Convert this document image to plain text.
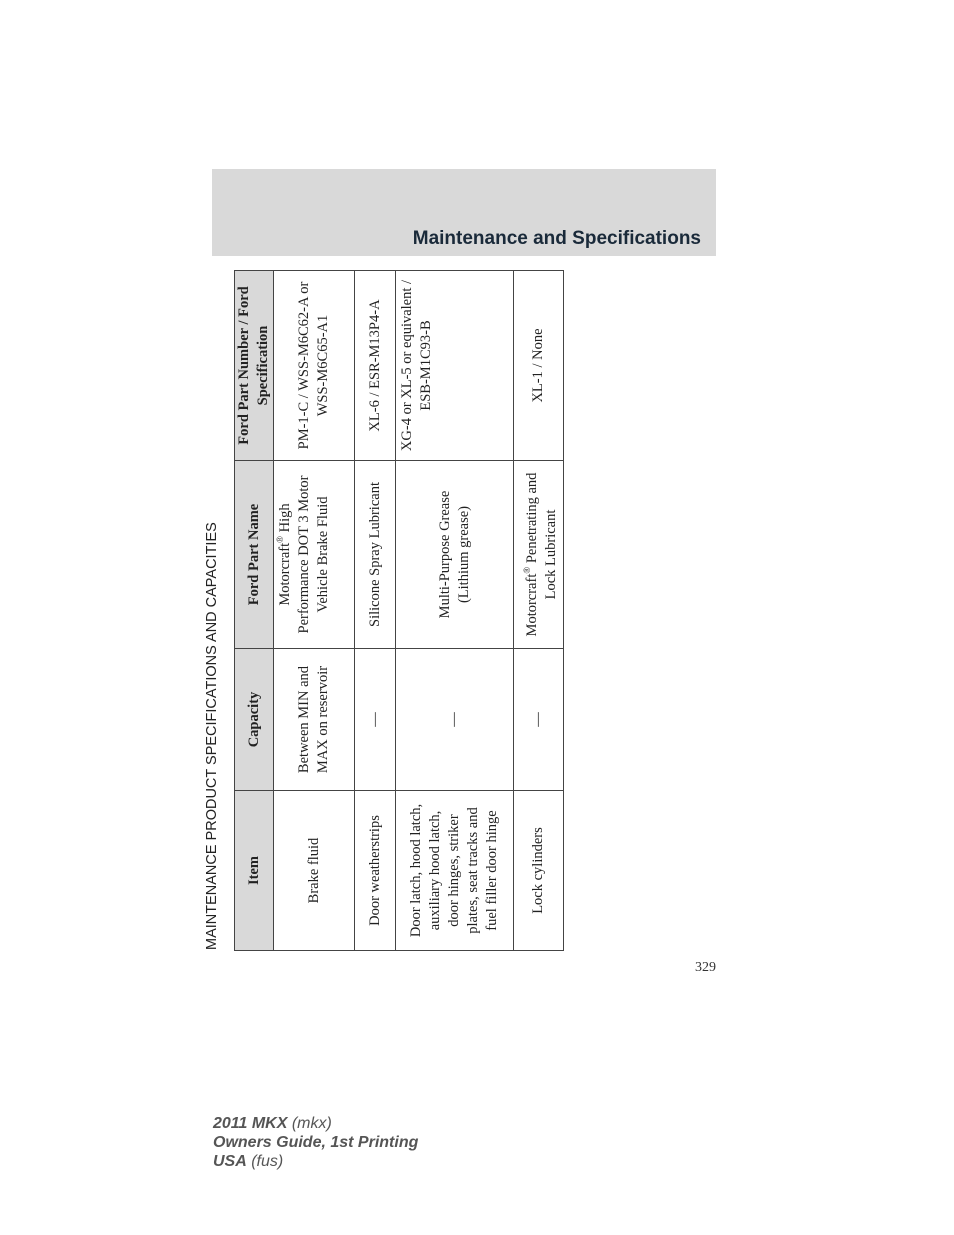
Maintenance and Specifications
MAINTENANCE PRODUCT SPECIFICATIONS AND CAPACITIES	Item	Capacity	Ford Part Name	Ford Part Number / Ford Specification
Brake fluid	Between MIN and MAX on reservoir	Motorcraft® High Performance DOT 3 Motor Vehicle Brake Fluid	PM-1-C / WSS-M6C62-A or WSS-M6C65-A1
Door weatherstrips	—	Silicone Spray Lubricant	XL-6 / ESR-M13P4-A
Door latch, hood latch, auxiliary hood latch, door hinges, striker plates, seat tracks and fuel filler door hinge	—	Multi-Purpose Grease (Lithium grease)	XG-4 or XL-5 or equivalent / ESB-M1C93-B
Lock cylinders	—	Motorcraft® Penetrating and Lock Lubricant	XL-1 / None
329
2011 MKX (mkx)
Owners Guide, 1st Printing
USA (fus)
